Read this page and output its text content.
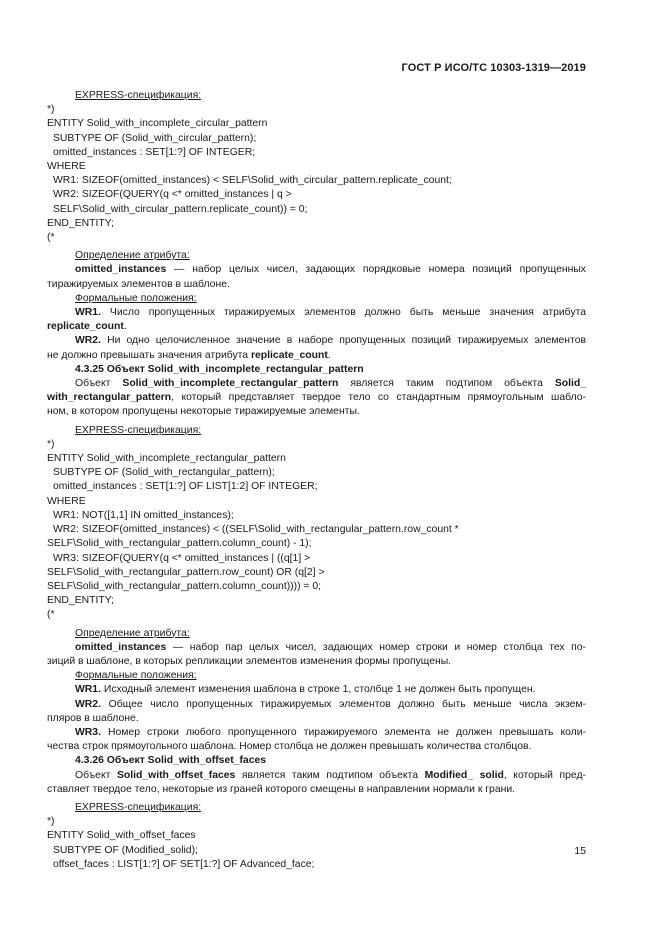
ГОСТ Р ИСО/ТС 10303-1319—2019
EXPRESS-спецификация:
*)
ENTITY Solid_with_incomplete_circular_pattern
SUBTYPE OF (Solid_with_circular_pattern);
omitted_instances : SET[1:?] OF INTEGER;
WHERE
WR1: SIZEOF(omitted_instances) < SELF\Solid_with_circular_pattern.replicate_count;
WR2: SIZEOF(QUERY(q <* omitted_instances | q >
SELF\Solid_with_circular_pattern.replicate_count)) = 0;
END_ENTITY;
(*
Определение атрибута:
omitted_instances — набор целых чисел, задающих порядковые номера позиций пропущенных
тиражируемых элементов в шаблоне.
Формальные положения:
WR1. Число пропущенных тиражируемых элементов должно быть меньше значения атрибута
replicate_count.
WR2. Ни одно целочисленное значение в наборе пропущенных позиций тиражируемых элементов
не должно превышать значения атрибута replicate_count.
4.3.25 Объект Solid_with_incomplete_rectangular_pattern
Объект Solid_with_incomplete_rectangular_pattern является таким подтипом объекта Solid_
with_rectangular_pattern, который представляет твердое тело со стандартным прямоугольным шабло-
ном, в котором пропущены некоторые тиражируемые элементы.
EXPRESS-спецификация:
*)
ENTITY Solid_with_incomplete_rectangular_pattern
SUBTYPE OF (Solid_with_rectangular_pattern);
omitted_instances : SET[1:?] OF LIST[1:2] OF INTEGER;
WHERE
WR1: NOT([1,1] IN omitted_instances);
WR2: SIZEOF(omitted_instances) < ((SELF\Solid_with_rectangular_pattern.row_count *
SELF\Solid_with_rectangular_pattern.column_count) - 1);
WR3: SIZEOF(QUERY(q <* omitted_instances | ((q[1] >
SELF\Solid_with_rectangular_pattern.row_count) OR (q[2] >
SELF\Solid_with_rectangular_pattern.column_count)))) = 0;
END_ENTITY;
(*
Определение атрибута:
omitted_instances — набор пар целых чисел, задающих номер строки и номер столбца тех по-
зиций в шаблоне, в которых репликации элементов изменения формы пропущены.
Формальные положения:
WR1. Исходный элемент изменения шаблона в строке 1, столбце 1 не должен быть пропущен.
WR2. Общее число пропущенных тиражируемых элементов должно быть меньше числа экзем-
пляров в шаблоне.
WR3. Номер строки любого пропущенного тиражируемого элемента не должен превышать коли-
чества строк прямоугольного шаблона. Номер столбца не должен превышать количества столбцов.
4.3.26 Объект Solid_with_offset_faces
Объект Solid_with_offset_faces является таким подтипом объекта Modified_ solid, который пред-
ставляет твердое тело, некоторые из граней которого смещены в направлении нормали к грани.
EXPRESS-спецификация:
*)
ENTITY Solid_with_offset_faces
SUBTYPE OF (Modified_solid);
offset_faces : LIST[1:?] OF SET[1:?] OF Advanced_face;
15
